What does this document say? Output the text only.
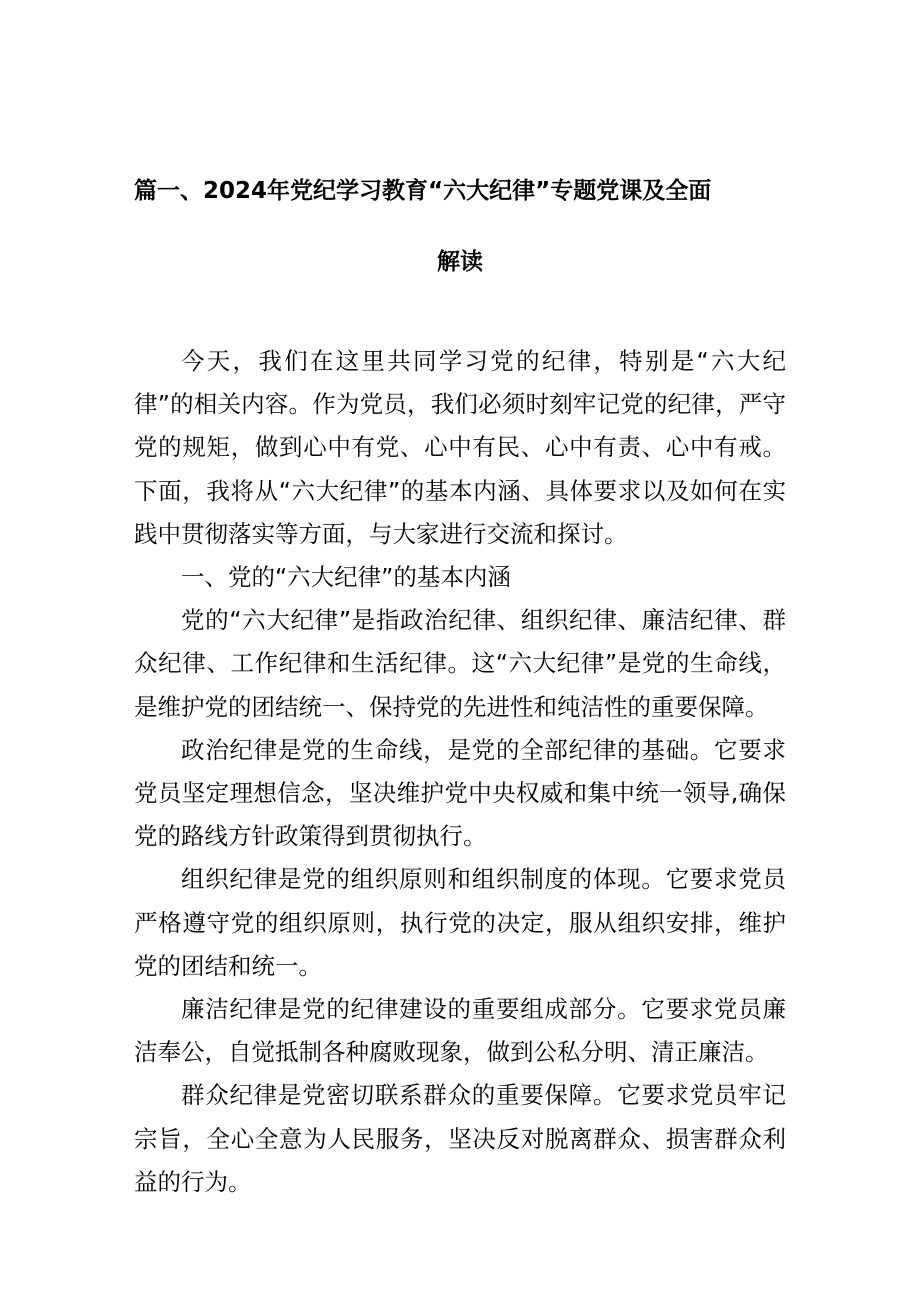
篇一、2024年党纪学习教育“六大纪律”专题党课及全面
解读

今天，我们在这里共同学习党的纪律，特别是“六大纪律”的相关内容。作为党员，我们必须时刻牢记党的纪律，严守党的规矩，做到心中有党、心中有民、心中有责、心中有戒。下面，我将从“六大纪律”的基本内涵、具体要求以及如何在实践中贯彻落实等方面，与大家进行交流和探讨。

一、党的“六大纪律”的基本内涵

党的“六大纪律”是指政治纪律、组织纪律、廉洁纪律、群众纪律、工作纪律和生活纪律。这“六大纪律”是党的生命线，是维护党的团结统一、保持党的先进性和纯洁性的重要保障。

政治纪律是党的生命线，是党的全部纪律的基础。它要求党员坚定理想信念，坚决维护党中央权威和集中统一领导,确保党的路线方针政策得到贯彻执行。

组织纪律是党的组织原则和组织制度的体现。它要求党员严格遵守党的组织原则，执行党的决定，服从组织安排，维护党的团结和统一。

廉洁纪律是党的纪律建设的重要组成部分。它要求党员廉洁奉公，自觉抵制各种腐败现象，做到公私分明、清正廉洁。

群众纪律是党密切联系群众的重要保障。它要求党员牢记宗旨，全心全意为人民服务，坚决反对脱离群众、损害群众利益的行为。
